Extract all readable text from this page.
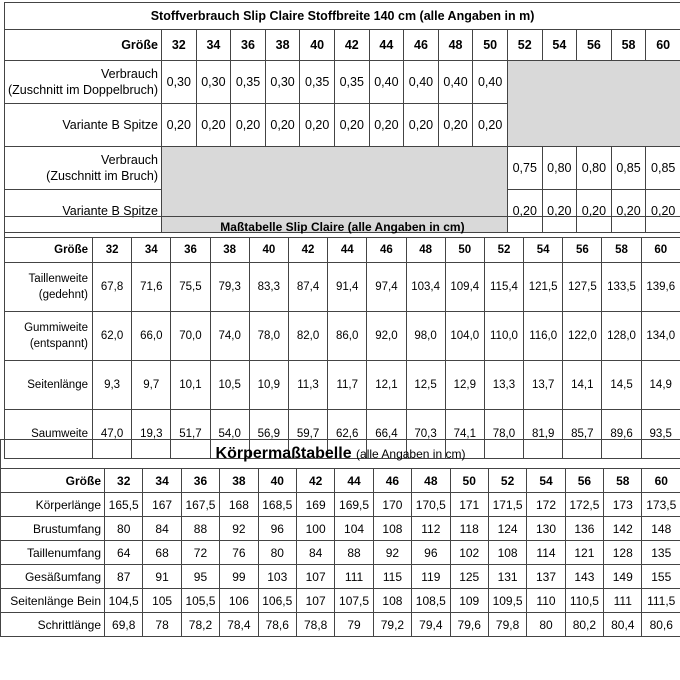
Stoffverbrauch Slip Claire Stoffbreite 140 cm (alle Angaben in m)															
Größe	32	34	36	38	40	42	44	46	48	50	52	54	56	58	60
Verbrauch
(Zuschnitt im Doppelbruch)	0,30	0,30	0,35	0,30	0,35	0,35	0,40	0,40	0,40	0,40					
Variante B Spitze	0,20	0,20	0,20	0,20	0,20	0,20	0,20	0,20	0,20	0,20					
Verbrauch
(Zuschnitt im Bruch)											0,75	0,80	0,80	0,85	0,85
Variante B Spitze											0,20	0,20	0,20	0,20	0,20
Maßtabelle Slip Claire (alle Angaben in cm)															
Größe	32	34	36	38	40	42	44	46	48	50	52	54	56	58	60
Taillenweite
(gedehnt)	67,8	71,6	75,5	79,3	83,3	87,4	91,4	97,4	103,4	109,4	115,4	121,5	127,5	133,5	139,6
Gummiweite
(entspannt)	62,0	66,0	70,0	74,0	78,0	82,0	86,0	92,0	98,0	104,0	110,0	116,0	122,0	128,0	134,0
Seitenlänge	9,3	9,7	10,1	10,5	10,9	11,3	11,7	12,1	12,5	12,9	13,3	13,7	14,1	14,5	14,9
Saumweite	47,0	19,3	51,7	54,0	56,9	59,7	62,6	66,4	70,3	74,1	78,0	81,9	85,7	89,6	93,5
Körpermaßtabelle (alle Angaben in cm)															
Größe	32	34	36	38	40	42	44	46	48	50	52	54	56	58	60
Körperlänge	165,5	167	167,5	168	168,5	169	169,5	170	170,5	171	171,5	172	172,5	173	173,5
Brustumfang	80	84	88	92	96	100	104	108	112	118	124	130	136	142	148
Taillenumfang	64	68	72	76	80	84	88	92	96	102	108	114	121	128	135
Gesäßumfang	87	91	95	99	103	107	111	115	119	125	131	137	143	149	155
Seitenlänge Bein	104,5	105	105,5	106	106,5	107	107,5	108	108,5	109	109,5	110	110,5	111	111,5
Schrittlänge	69,8	78	78,2	78,4	78,6	78,8	79	79,2	79,4	79,6	79,8	80	80,2	80,4	80,6
